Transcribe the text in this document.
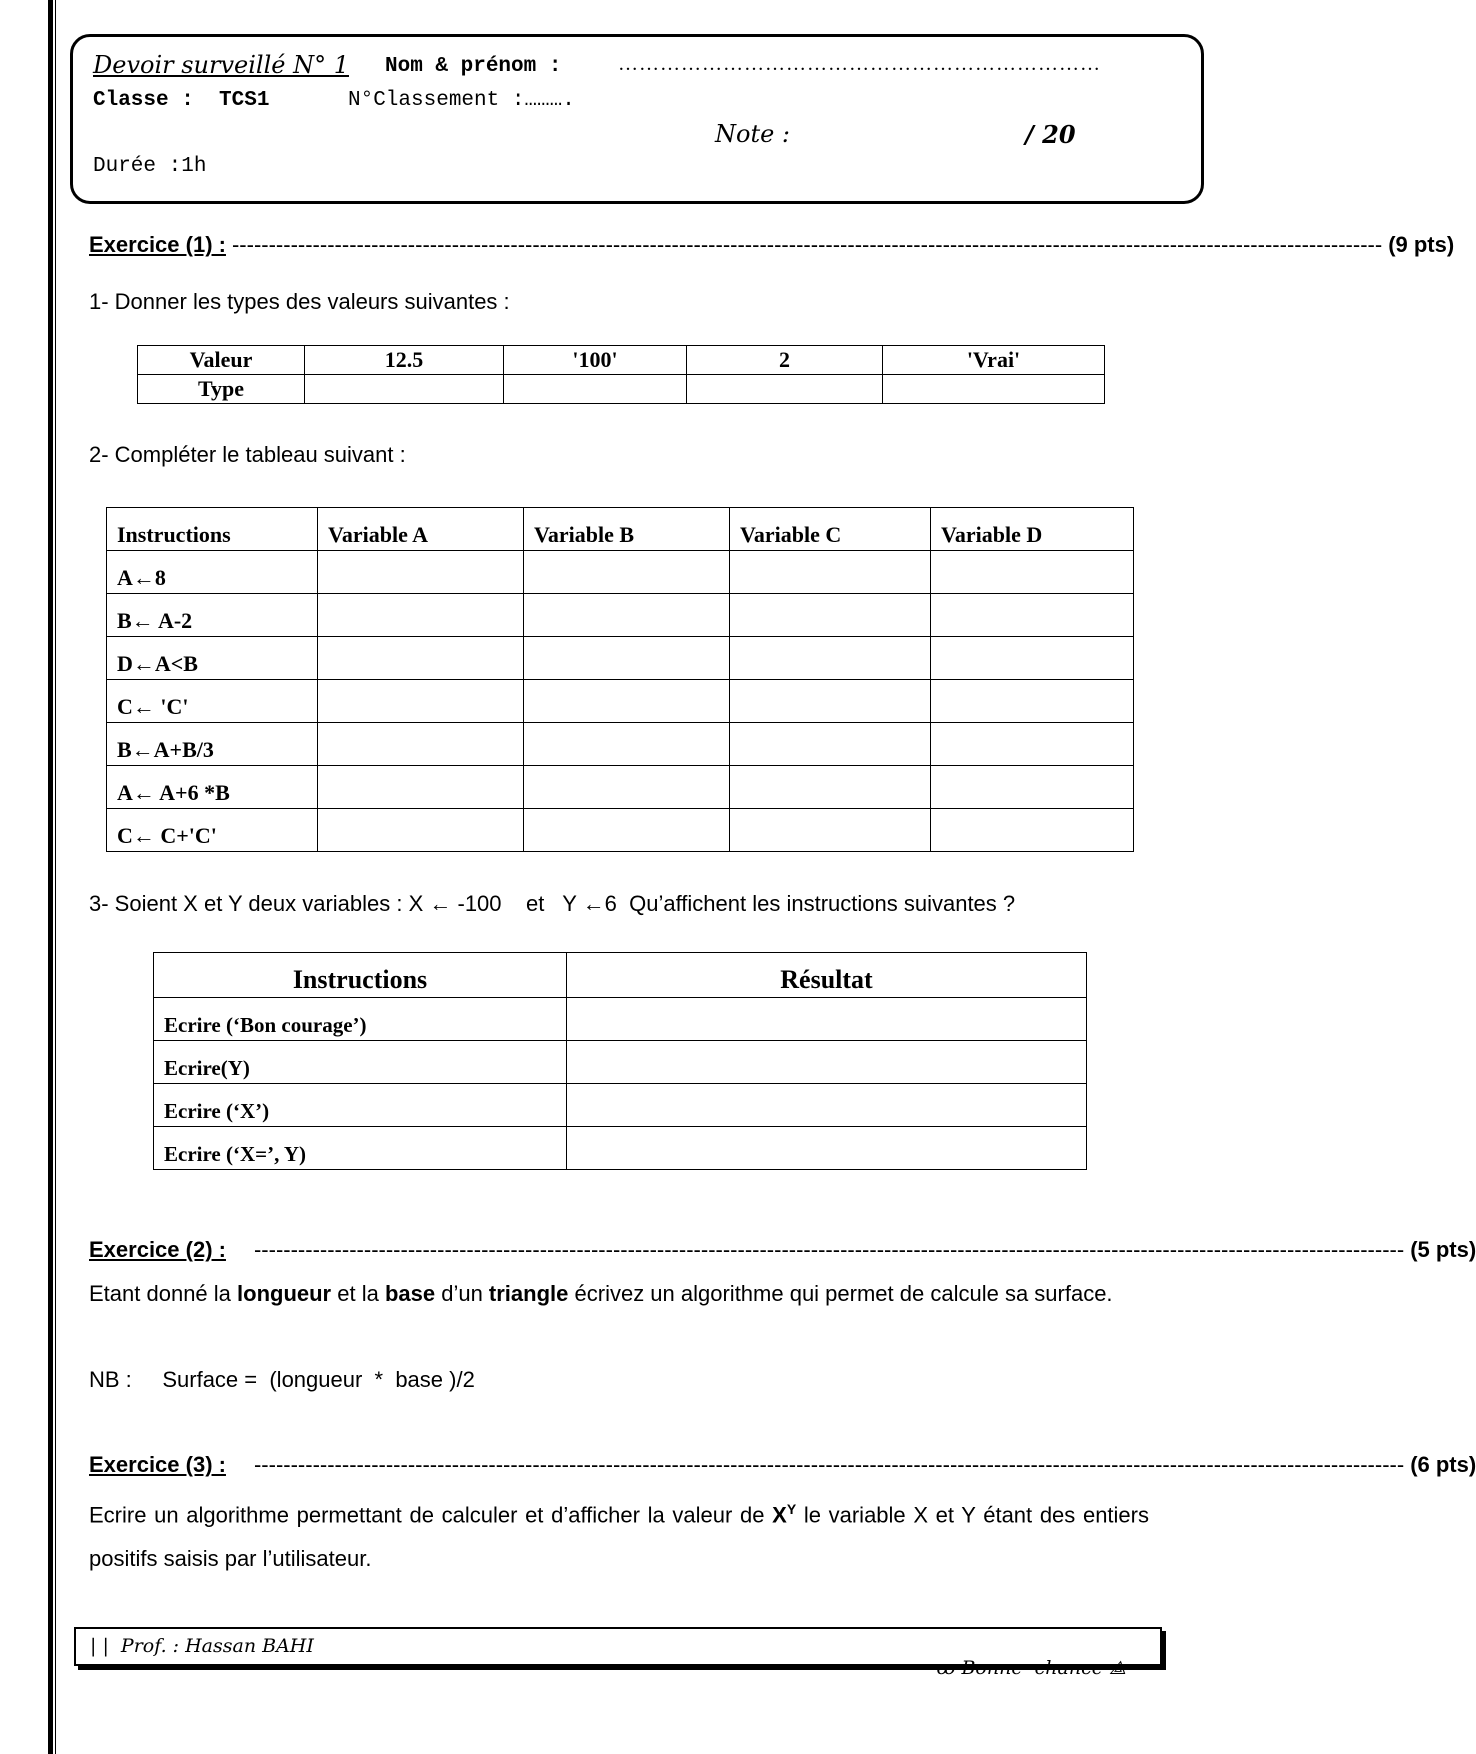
Devoir surveillé N° 1 Nom & prénom :	……………………………………………………………
Classe :  TCS1	N°Classement :……….
Note :	/ 20
Durée :1h
Exercice (1) : ------------------------------------------------------------------------------------------------------------------------------------------------------------- (9 pts)
1- Donner les types des valeurs suivantes :
Valeur	12.5	'100'	2	'Vrai'
Type				
2- Compléter le tableau suivant :
Instructions	Variable A	Variable B	Variable C	Variable D
A←8				
B← A-2				
D←A<B				
C← 'C'				
B←A+B/3				
A← A+6 *B				
C← C+'C'				
3- Soient X et Y deux variables : X ← -100    et   Y ←6  Qu’affichent les instructions suivantes ?
Instructions	Résultat
Ecrire (‘Bon courage’)	
Ecrire(Y)	
Ecrire (‘X’)	
Ecrire (‘X=’, Y)	
Exercice (2) : ------------------------------------------------------------------------------------------------------------------------------------------------------------- (5 pts)
Etant donné la longueur et la base d’un triangle écrivez un algorithme qui permet de calcule sa surface.
NB :     Surface =  (longueur  *  base )/2
Exercice (3) : ------------------------------------------------------------------------------------------------------------------------------------------------------------- (6 pts)
Ecrire un algorithme permettant de calculer et d’afficher la valeur de $X^Y$ le variable X et Y étant des entiers positifs saisis par l’utilisateur.
| |  Prof. : Hassan BAHI

ꝏ Bonne  chance ⟁
